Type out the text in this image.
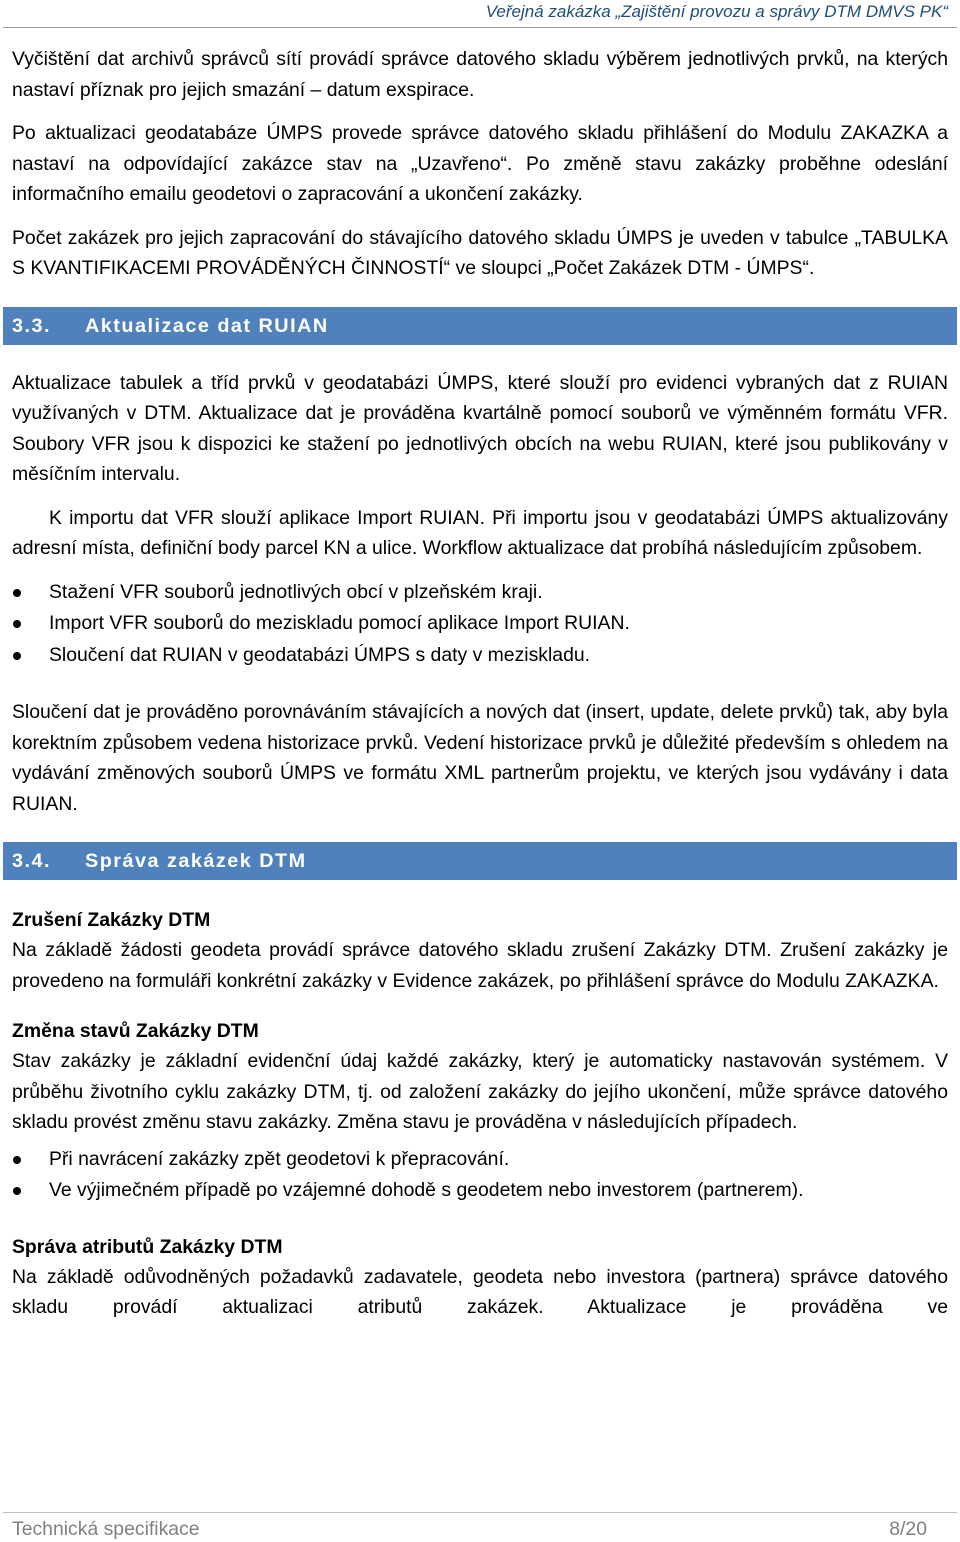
Veřejná zakázka „Zajištění provozu a správy DTM DMVS PK“

Vyčištění dat archivů správců sítí provádí správce datového skladu výběrem jednotlivých prvků, na kterých nastaví příznak pro jejich smazání – datum exspirace.

Po aktualizaci geodatabáze ÚMPS provede správce datového skladu přihlášení do Modulu ZAKAZKA a nastaví na odpovídající zakázce stav na „Uzavřeno“. Po změně stavu zakázky proběhne odeslání informačního emailu geodetovi o zapracování a ukončení zakázky.

Počet zakázek pro jejich zapracování do stávajícího datového skladu ÚMPS je uveden v tabulce „TABULKA S KVANTIFIKACEMI PROVÁDĚNÝCH ČINNOSTÍ“ ve sloupci „Počet Zakázek DTM - ÚMPS“.

3.3. Aktualizace dat RUIAN

Aktualizace tabulek a tříd prvků v geodatabázi ÚMPS, které slouží pro evidenci vybraných dat z RUIAN využívaných v DTM. Aktualizace dat je prováděna kvartálně pomocí souborů ve výměnném formátu VFR. Soubory VFR jsou k dispozici ke stažení po jednotlivých obcích na webu RUIAN, které jsou publikovány v měsíčním intervalu.

K importu dat VFR slouží aplikace Import RUIAN. Při importu jsou v geodatabázi ÚMPS aktualizovány adresní místa, definiční body parcel KN a ulice. Workflow aktualizace dat probíhá následujícím způsobem.

Stažení VFR souborů jednotlivých obcí v plzeňském kraji.
Import VFR souborů do meziskladu pomocí aplikace Import RUIAN.
Sloučení dat RUIAN v geodatabázi ÚMPS s daty v meziskladu.

Sloučení dat je prováděno porovnáváním stávajících a nových dat (insert, update, delete prvků) tak, aby byla korektním způsobem vedena historizace prvků. Vedení historizace prvků je důležité především s ohledem na vydávání změnových souborů ÚMPS ve formátu XML partnerům projektu, ve kterých jsou vydávány i data RUIAN.

3.4. Správa zakázek DTM
Zrušení Zakázky DTM

Na základě žádosti geodeta provádí správce datového skladu zrušení Zakázky DTM. Zrušení zakázky je provedeno na formuláři konkrétní zakázky v Evidence zakázek, po přihlášení správce do Modulu ZAKAZKA.

Změna stavů Zakázky DTM

Stav zakázky je základní evidenční údaj každé zakázky, který je automaticky nastavován systémem. V průběhu životního cyklu zakázky DTM, tj. od založení zakázky do jejího ukončení, může správce datového skladu provést změnu stavu zakázky. Změna stavu je prováděna v následujících případech.

Při navrácení zakázky zpět geodetovi k přepracování.
Ve výjimečném případě po vzájemné dohodě s geodetem nebo investorem (partnerem).
Správa atributů Zakázky DTM

Na základě odůvodněných požadavků zadavatele, geodeta nebo investora (partnera) správce datového skladu provádí aktualizaci atributů zakázek. Aktualizace je prováděna ve

Technická specifikace	8/20
